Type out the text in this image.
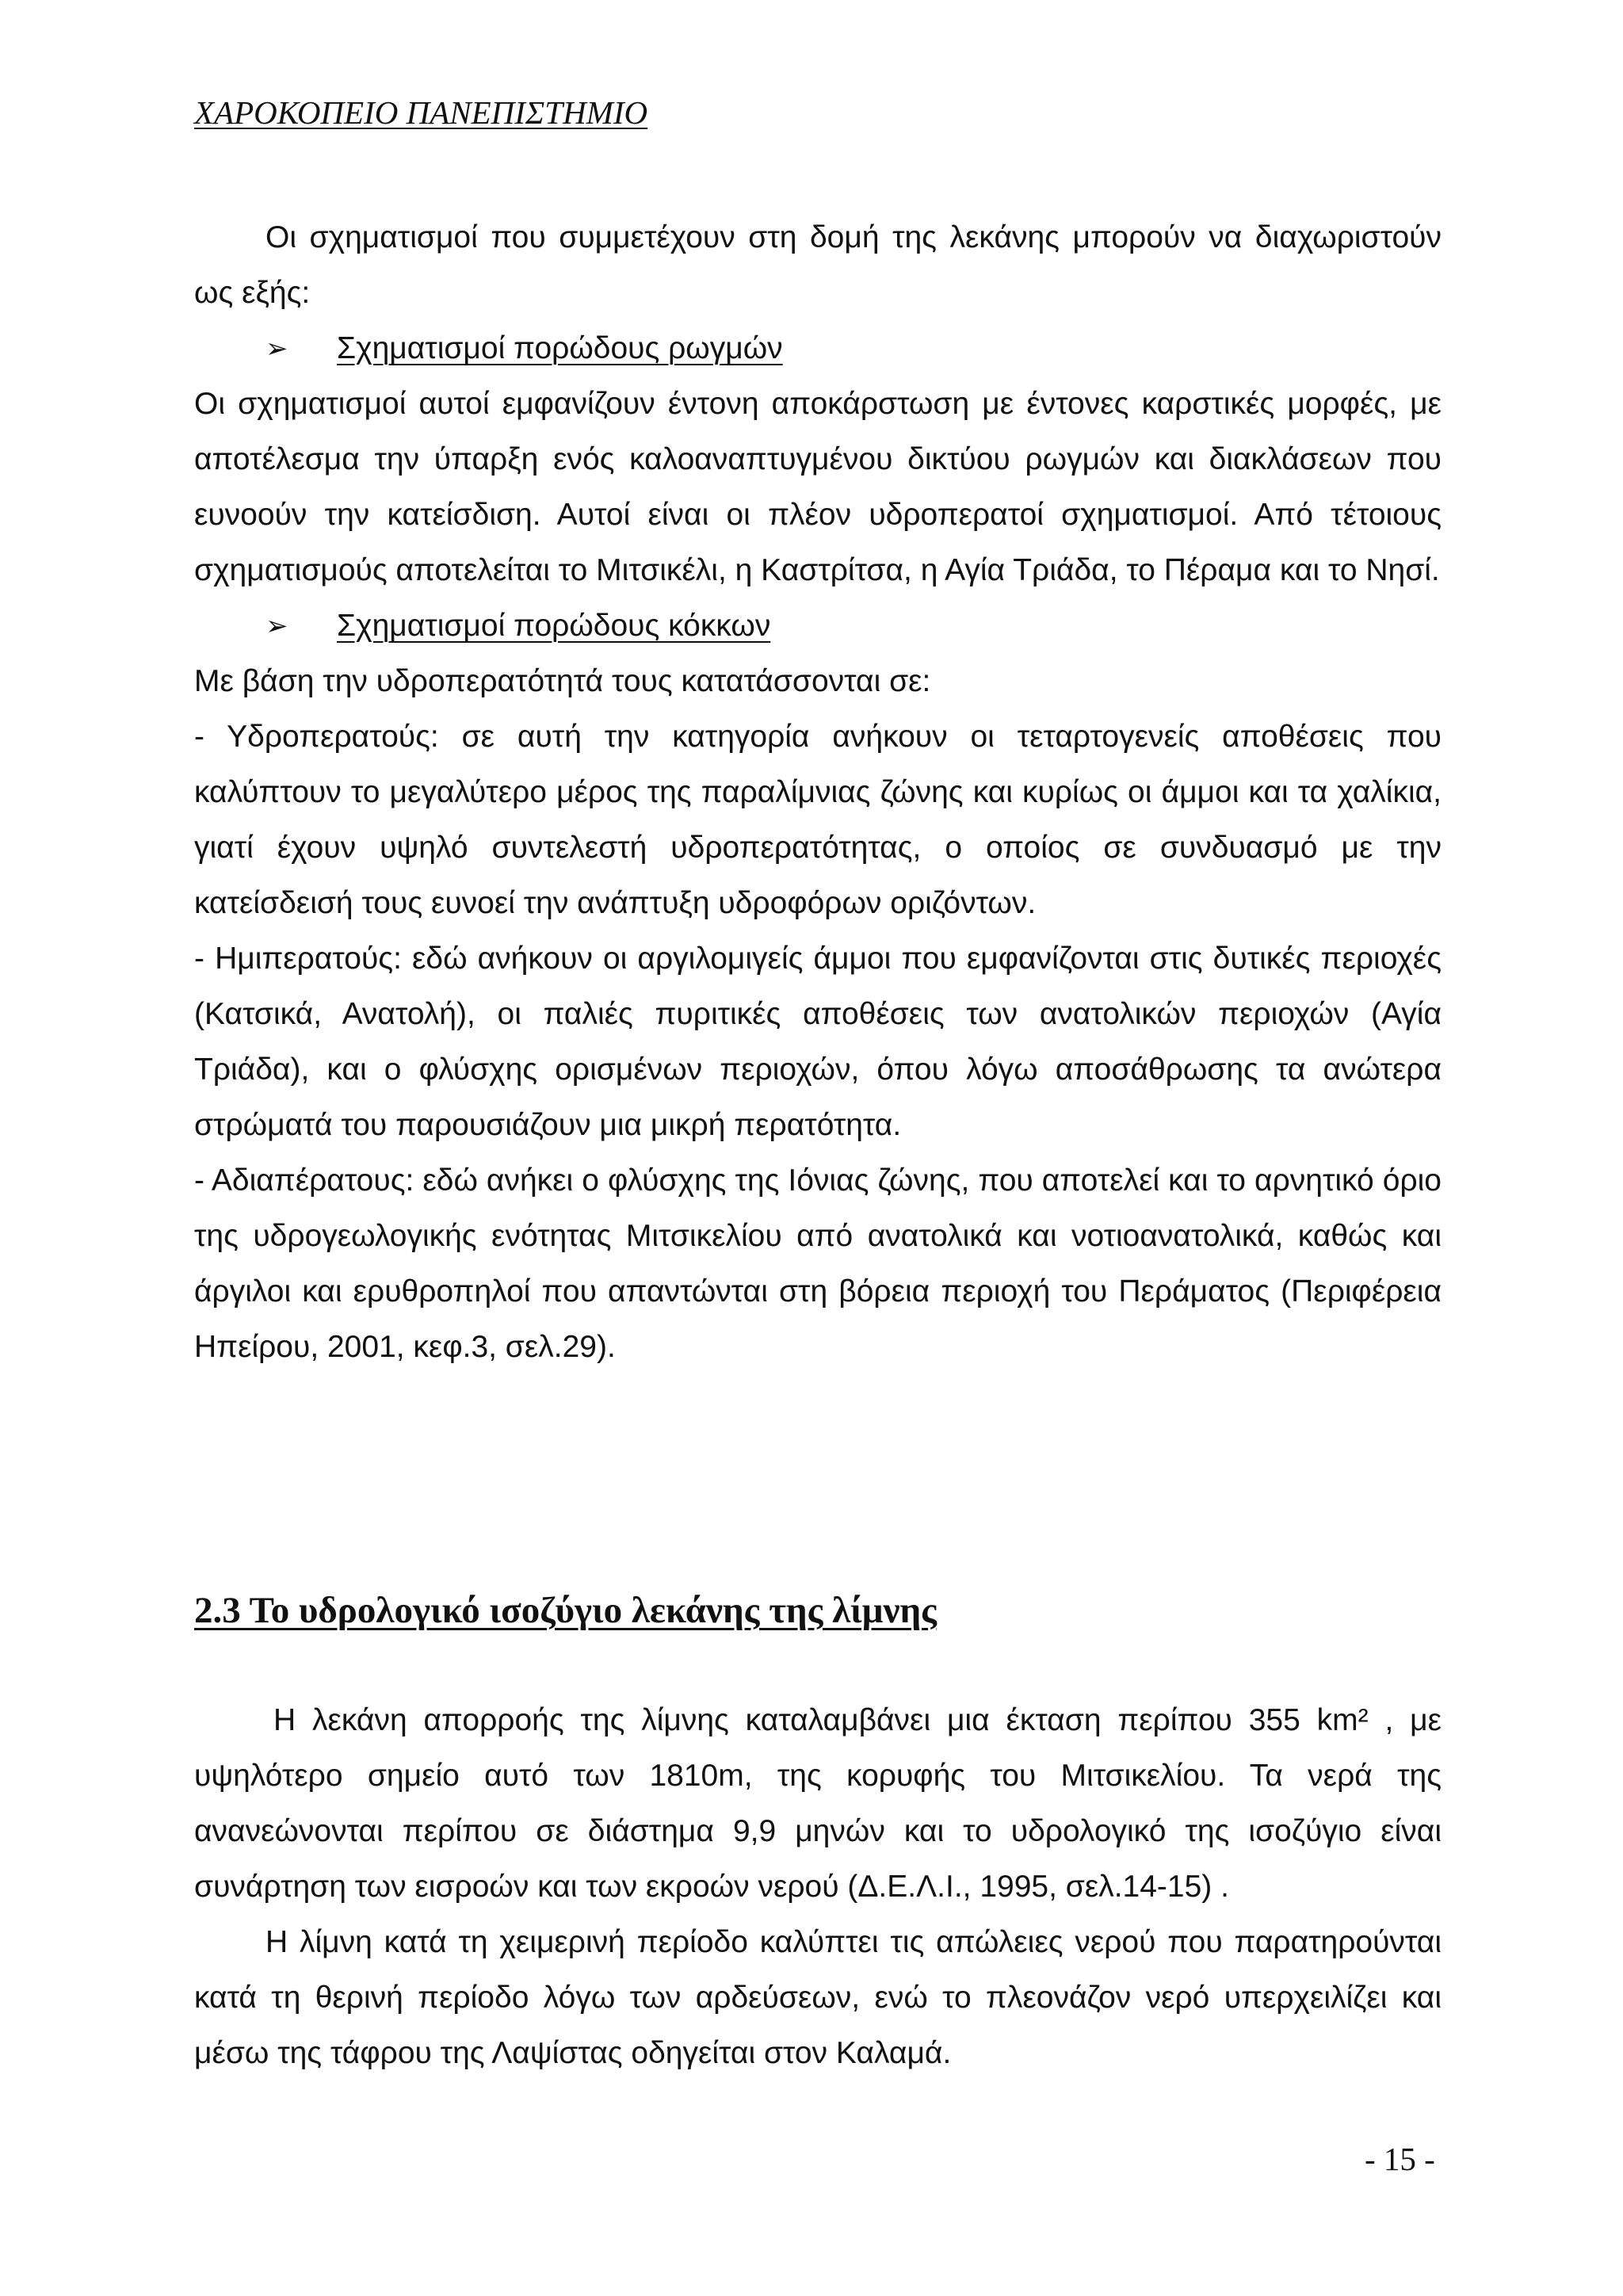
ΧΑΡΟΚΟΠΕΙΟ ΠΑΝΕΠΙΣΤΗΜΙΟ

Οι σχηματισμοί που συμμετέχουν στη δομή της λεκάνης μπορούν να διαχωριστούν ως εξής:

➢ Σχηματισμοί πορώδους ρωγμών

Οι σχηματισμοί αυτοί εμφανίζουν έντονη αποκάρστωση με έντονες καρστικές μορφές, με αποτέλεσμα την ύπαρξη ενός καλοαναπτυγμένου δικτύου ρωγμών και διακλάσεων που ευνοούν την κατείσδιση. Αυτοί είναι οι πλέον υδροπερατοί σχηματισμοί. Από τέτοιους σχηματισμούς αποτελείται το Μιτσικέλι, η Καστρίτσα, η Αγία Τριάδα, το Πέραμα και το Νησί.

➢ Σχηματισμοί πορώδους κόκκων

Με βάση την υδροπερατότητά τους κατατάσσονται σε:

- Υδροπερατούς: σε αυτή την κατηγορία ανήκουν οι τεταρτογενείς αποθέσεις που καλύπτουν το μεγαλύτερο μέρος της παραλίμνιας ζώνης και κυρίως οι άμμοι και τα χαλίκια, γιατί έχουν υψηλό συντελεστή υδροπερατότητας, ο οποίος σε συνδυασμό με την κατείσδεισή τους ευνοεί την ανάπτυξη υδροφόρων οριζόντων.

- Ημιπερατούς: εδώ ανήκουν οι αργιλομιγείς άμμοι που εμφανίζονται στις δυτικές περιοχές (Κατσικά, Ανατολή), οι παλιές πυριτικές αποθέσεις των ανατολικών περιοχών (Αγία Τριάδα), και ο φλύσχης ορισμένων περιοχών, όπου λόγω αποσάθρωσης τα ανώτερα στρώματά του παρουσιάζουν μια μικρή περατότητα.

- Αδιαπέρατους: εδώ ανήκει ο φλύσχης της Ιόνιας ζώνης, που αποτελεί και το αρνητικό όριο της υδρογεωλογικής ενότητας Μιτσικελίου από ανατολικά και νοτιοανατολικά, καθώς και άργιλοι και ερυθροπηλοί που απαντώνται στη βόρεια περιοχή του Περάματος (Περιφέρεια Ηπείρου, 2001, κεφ.3, σελ.29).

2.3 Το υδρολογικό ισοζύγιο λεκάνης της λίμνης

Η λεκάνη απορροής της λίμνης καταλαμβάνει μια έκταση περίπου 355 km² , με υψηλότερο σημείο αυτό των 1810m, της κορυφής του Μιτσικελίου. Τα νερά της ανανεώνονται περίπου σε διάστημα 9,9 μηνών και το υδρολογικό της ισοζύγιο είναι συνάρτηση των εισροών και των εκροών νερού (Δ.Ε.Λ.Ι., 1995, σελ.14-15) .

Η λίμνη κατά τη χειμερινή περίοδο καλύπτει τις απώλειες νερού που παρατηρούνται κατά τη θερινή περίοδο λόγω των αρδεύσεων, ενώ το πλεονάζον νερό υπερχειλίζει και μέσω της τάφρου της Λαψίστας οδηγείται στον Καλαμά.

- 15 -
